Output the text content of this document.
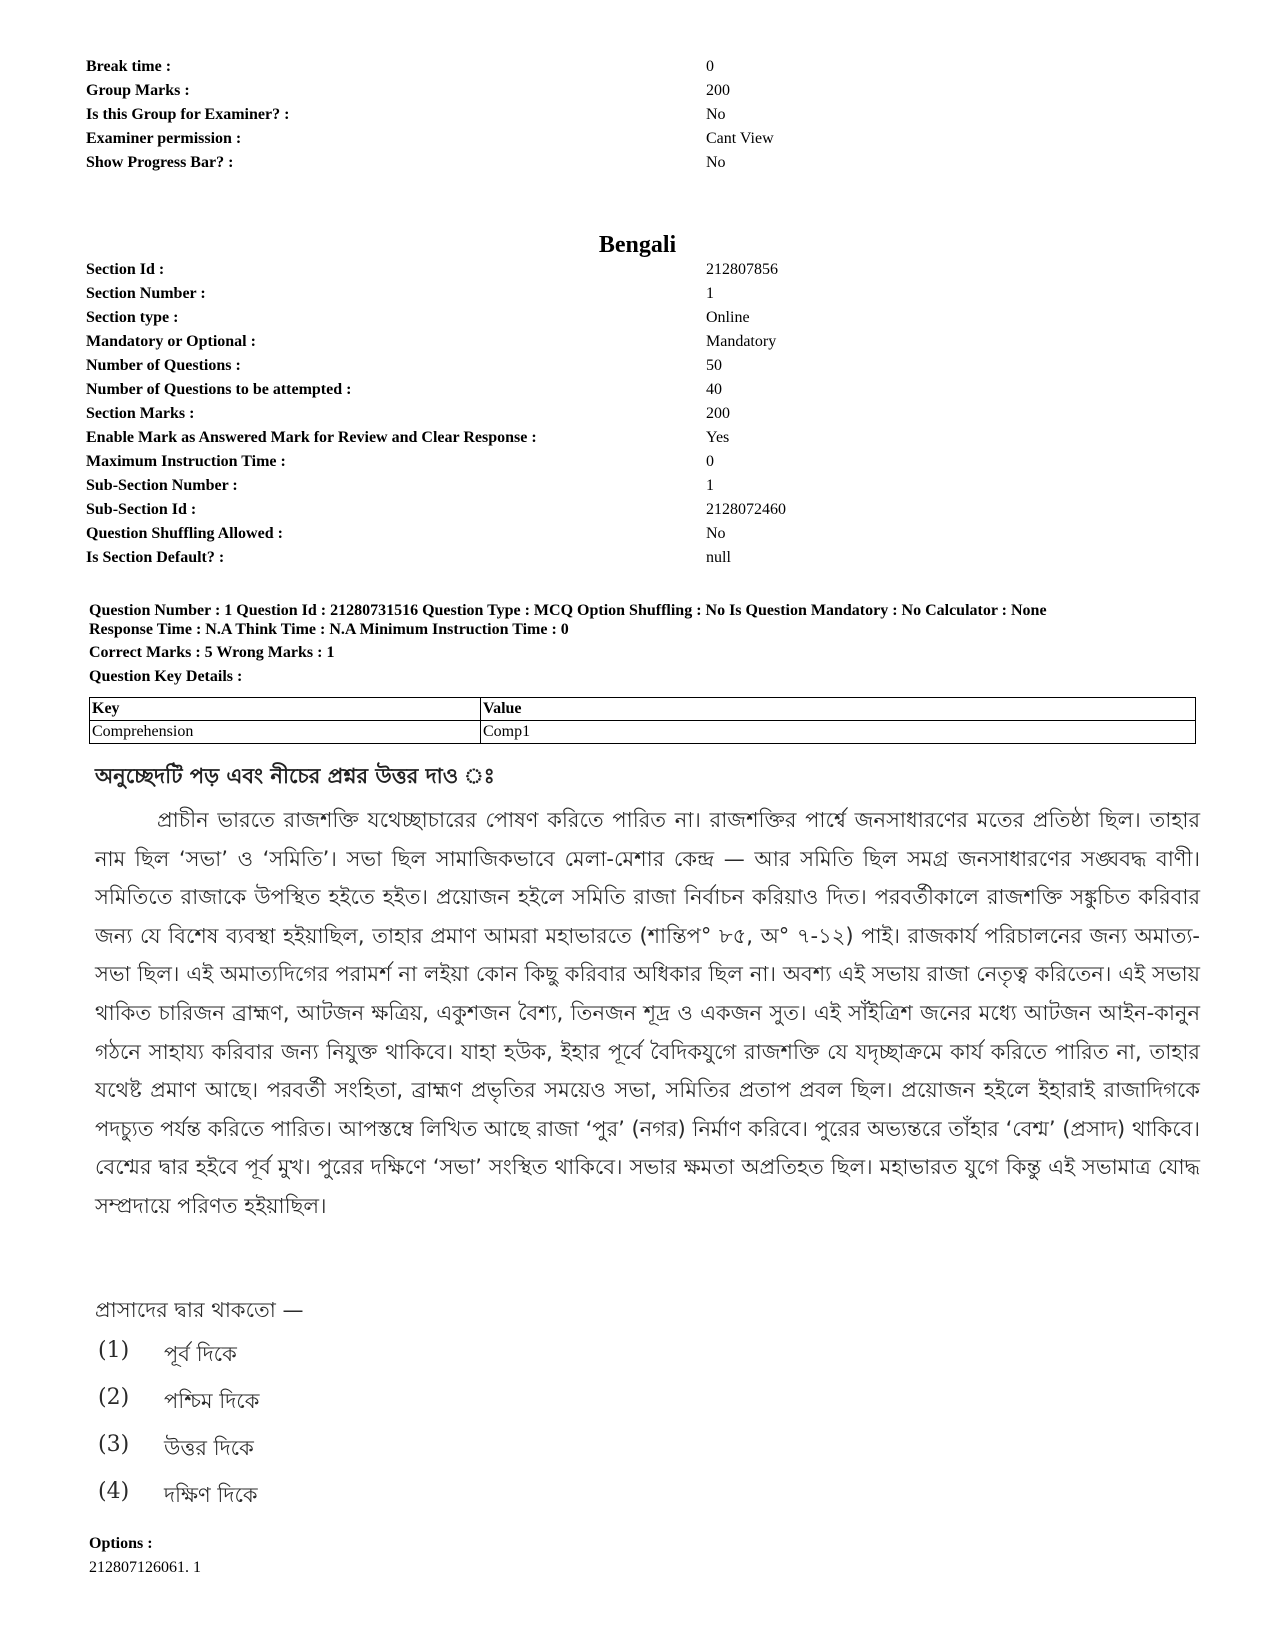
Break time :	0
Group Marks :	200
Is this Group for Examiner? :	No
Examiner permission :	Cant View
Show Progress Bar? :	No
Bengali
Section Id :	212807856
Section Number :	1
Section type :	Online
Mandatory or Optional :	Mandatory
Number of Questions :	50
Number of Questions to be attempted :	40
Section Marks :	200
Enable Mark as Answered Mark for Review and Clear Response :	Yes
Maximum Instruction Time :	0
Sub-Section Number :	1
Sub-Section Id :	2128072460
Question Shuffling Allowed :	No
Is Section Default? :	null
Question Number : 1 Question Id : 21280731516 Question Type : MCQ Option Shuffling : No Is Question Mandatory : No Calculator : None
Response Time : N.A Think Time : N.A Minimum Instruction Time : 0
Correct Marks : 5 Wrong Marks : 1
Question Key Details :
Key	Value
Comprehension	Comp1
অনুচ্ছেদটি পড় এবং নীচের প্রশ্নর উত্তর দাও ঃ
প্রাচীন ভারতে রাজশক্তি যথেচ্ছাচারের পোষণ করিতে পারিত না। রাজশক্তির পার্শ্বে জনসাধারণের মতের প্রতিষ্ঠা ছিল। তাহার নাম ছিল ‘সভা’ ও ‘সমিতি’। সভা ছিল সামাজিকভাবে মেলা-মেশার কেন্দ্র — আর সমিতি ছিল সমগ্র জনসাধারণের সঙ্ঘবদ্ধ বাণী। সমিতিতে রাজাকে উপস্থিত হইতে হইত। প্রয়োজন হইলে সমিতি রাজা নির্বাচন করিয়াও দিত। পরবর্তীকালে রাজশক্তি সঙ্কুচিত করিবার জন্য যে বিশেষ ব্যবস্থা হইয়াছিল, তাহার প্রমাণ আমরা মহাভারতে (শান্তিপ° ৮৫, অ° ৭-১২) পাই। রাজকার্য পরিচালনের জন্য অমাত্য-সভা ছিল। এই অমাত্যদিগের পরামর্শ না লইয়া কোন কিছু করিবার অধিকার ছিল না। অবশ্য এই সভায় রাজা নেতৃত্ব করিতেন। এই সভায় থাকিত চারিজন ব্রাহ্মণ, আটজন ক্ষত্রিয়, একুশজন বৈশ্য, তিনজন শূদ্র ও একজন সুত। এই সাঁইত্রিশ জনের মধ্যে আটজন আইন-কানুন গঠনে সাহায্য করিবার জন্য নিযুক্ত থাকিবে। যাহা হউক, ইহার পূর্বে বৈদিকযুগে রাজশক্তি যে যদৃচ্ছাক্রমে কার্য করিতে পারিত না, তাহার যথেষ্ট প্রমাণ আছে। পরবর্তী সংহিতা, ব্রাহ্মণ প্রভৃতির সময়েও সভা, সমিতির প্রতাপ প্রবল ছিল। প্রয়োজন হইলে ইহারাই রাজাদিগকে পদচ্যুত পর্যন্ত করিতে পারিত। আপস্তম্বে লিখিত আছে রাজা ‘পুর’ (নগর) নির্মাণ করিবে। পুরের অভ্যন্তরে তাঁহার ‘বেশ্ম’ (প্রসাদ) থাকিবে। বেশ্মের দ্বার হইবে পূর্ব মুখ। পুরের দক্ষিণে ‘সভা’ সংস্থিত থাকিবে। সভার ক্ষমতা অপ্রতিহত ছিল। মহাভারত যুগে কিন্তু এই সভামাত্র যোদ্ধ সম্প্রদায়ে পরিণত হইয়াছিল।
প্রাসাদের দ্বার থাকতো —
(1)	পূর্ব দিকে
(2)	পশ্চিম দিকে
(3)	উত্তর দিকে
(4)	দক্ষিণ দিকে
Options :
212807126061. 1
